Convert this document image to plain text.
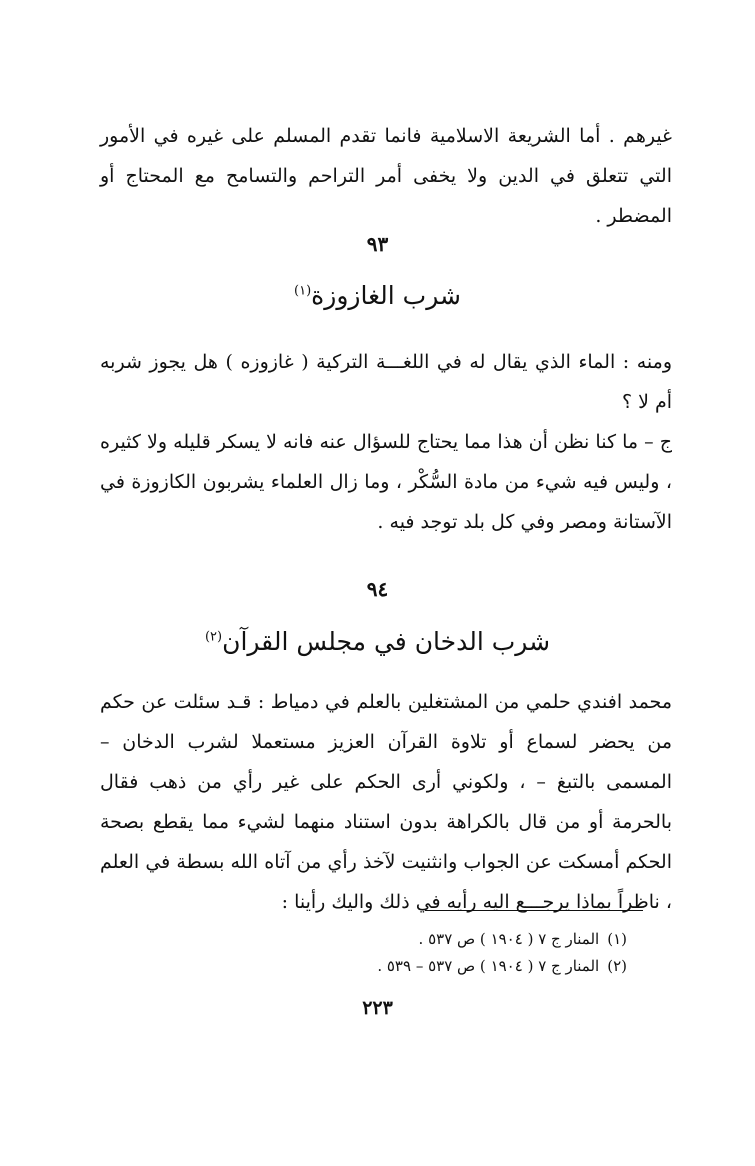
غيرهم . أما الشريعة الاسلامية فانما تقدم المسلم على غيره في الأمور التي تتعلق في الدين ولا يخفى أمر التراحم والتسامح مع المحتاج أو المضطر .

٩٣
شرب الغازوزة$^{(١)}$

ومنه : الماء الذي يقال له في اللغـــة التركية ( غازوزه ) هل يجوز شربه أم لا ؟

ج – ما كنا نظن أن هذا مما يحتاج للسؤال عنه فانه لا يسكر قليله ولا كثيره ، وليس فيه شيء من مادة السُّكْر ، وما زال العلماء يشربون الكازوزة في الآستانة ومصر وفي كل بلد توجد فيه .

٩٤
شرب الدخان في مجلس القرآن$^{(٢)}$

محمد افندي حلمي من المشتغلين بالعلم في دمياط : قـد سئلت عن حكم من يحضر لسماع أو تلاوة القرآن العزيز مستعملا لشرب الدخان – المسمى بالتبغ – ، ولكوني أرى الحكم على غير رأي من ذهب فقال بالحرمة أو من قال بالكراهة بدون استناد منهما لشيء مما يقطع بصحة الحكم أمسكت عن الجواب وانثنيت لآخذ رأي من آتاه الله بسطة في العلم ، ناظراً بماذا يرجـــع اليه رأيه في ذلك واليك رأينا :

(١)المنار ج ٧ ( ١٩٠٤ ) ص ٥٣٧ .
(٢)المنار ج ٧ ( ١٩٠٤ ) ص ٥٣٧ – ٥٣٩ .
٢٢٣
